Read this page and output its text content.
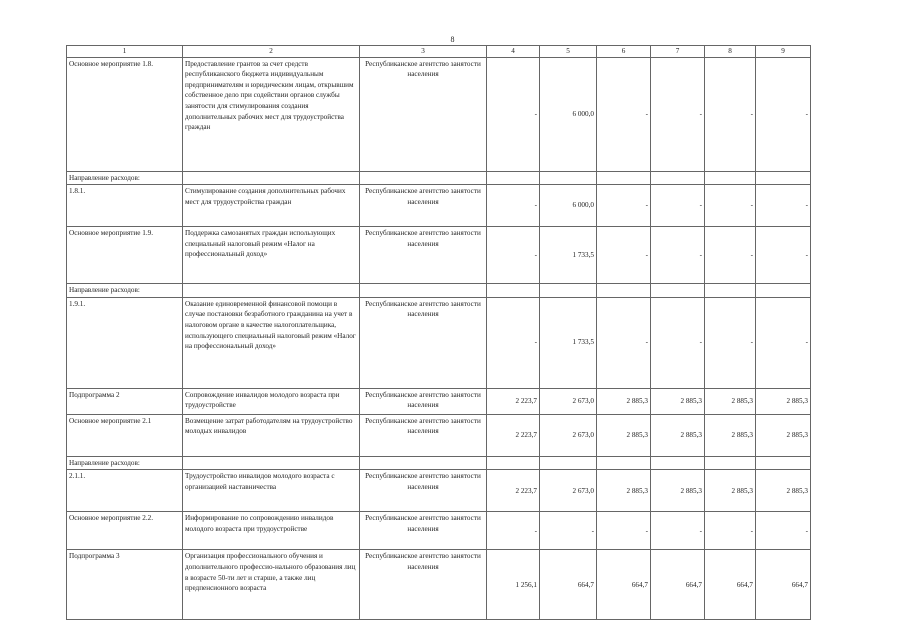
8
1	2	3	4	5	6	7	8	9
Основное мероприятие 1.8.	Предоставление грантов за счет средств республиканского бюджета индивидуальным предпринимателям и юридическим лицам, открывшим собственное дело при содействии органов службы занятости для стимулирования создания дополнительных рабочих мест для трудоустройства граждан	Республиканское агентство занятости населения	-	6 000,0	-	-	-	-
Направление расходов:								
1.8.1.	Стимулирование создания дополнительных рабочих мест для трудоустройства граждан	Республиканское агентство занятости населения	-	6 000,0	-	-	-	-
Основное мероприятие 1.9.	Поддержка самозанятых граждан использующих специальный налоговый режим «Налог на профессиональный доход»	Республиканское агентство занятости населения	-	1 733,5	-	-	-	-
Направление расходов:								
1.9.1.	Оказание единовременной финансовой помощи в случае постановки безработного гражданина на учет в налоговом органе в качестве налогоплательщика, использующего специальный налоговый режим «Налог на профессиональный доход»	Республиканское агентство занятости населения	-	1 733,5	-	-	-	-
Подпрограмма 2	Сопровождение инвалидов молодого возраста при трудоустройстве	Республиканское агентство занятости населения	2 223,7	2 673,0	2 885,3	2 885,3	2 885,3	2 885,3
Основное мероприятие 2.1	Возмещение затрат работодателям на трудоустройство молодых инвалидов	Республиканское агентство занятости населения	2 223,7	2 673,0	2 885,3	2 885,3	2 885,3	2 885,3
Направление расходов:								
2.1.1.	Трудоустройство инвалидов молодого возраста с организацией наставничества	Республиканское агентство занятости населения	2 223,7	2 673,0	2 885,3	2 885,3	2 885,3	2 885,3
Основное мероприятие 2.2.	Информирование по сопровождению инвалидов молодого возраста при трудоустройстве	Республиканское агентство занятости населения	-	-	-	-	-	-
Подпрограмма 3	Организация профессионального обучения и дополнительного профессио-нального образования лиц в возрасте 50-ти лет и старше, а также лиц предпенсионного возраста	Республиканское агентство занятости населения	1 256,1	664,7	664,7	664,7	664,7	664,7
